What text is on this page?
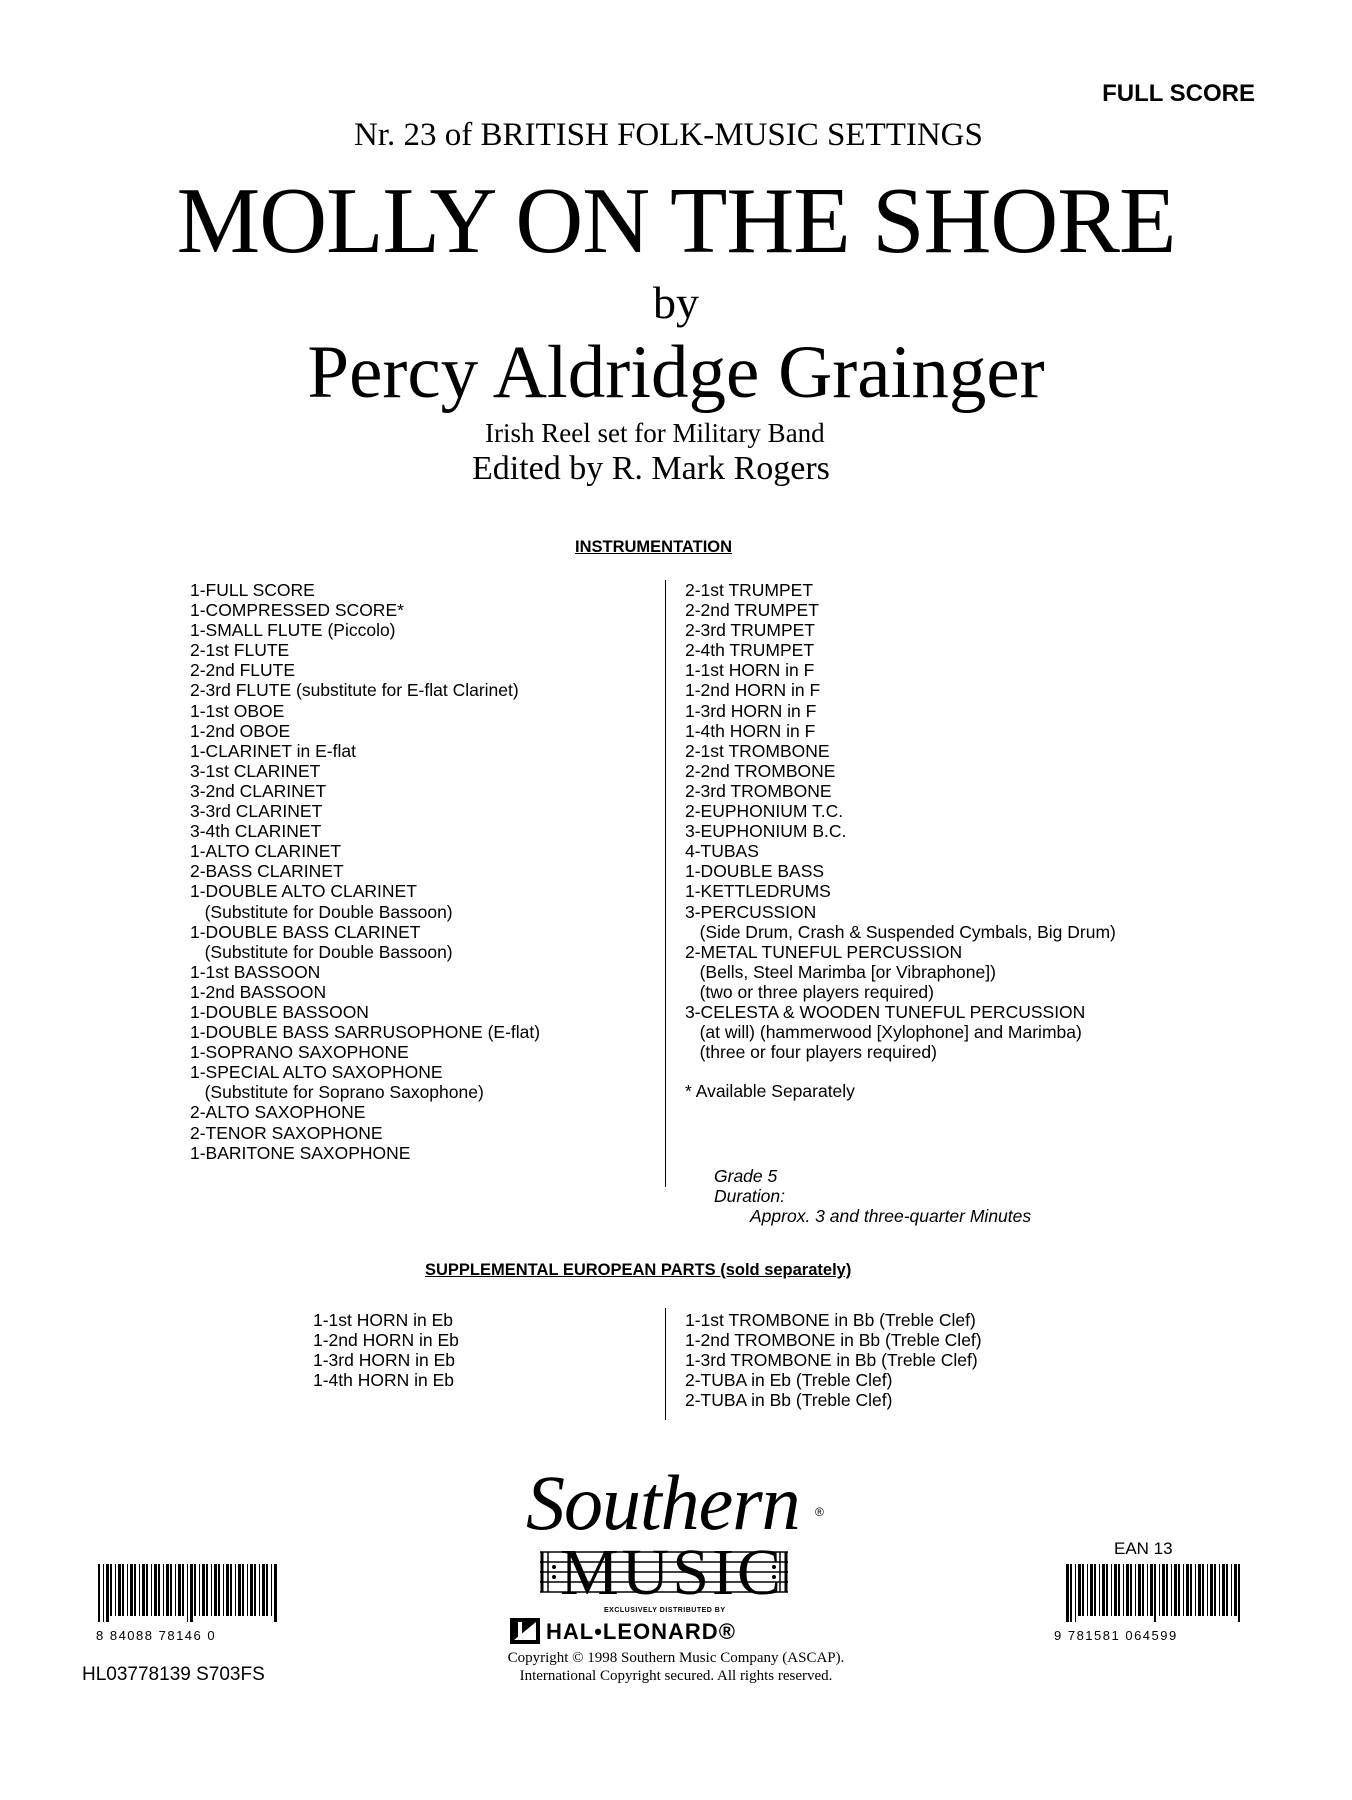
FULL SCORE
Nr. 23 of BRITISH FOLK-MUSIC SETTINGS
MOLLY ON THE SHORE
by
Percy Aldridge Grainger
Irish Reel set for Military Band
Edited by R. Mark Rogers
INSTRUMENTATION
1-FULL SCORE
1-COMPRESSED SCORE*
1-SMALL FLUTE (Piccolo)
2-1st FLUTE
2-2nd FLUTE
2-3rd FLUTE (substitute for E-flat Clarinet)
1-1st OBOE
1-2nd OBOE
1-CLARINET in E-flat
3-1st CLARINET
3-2nd CLARINET
3-3rd CLARINET
3-4th CLARINET
1-ALTO CLARINET
2-BASS CLARINET
1-DOUBLE ALTO CLARINET
(Substitute for Double Bassoon)
1-DOUBLE BASS CLARINET
(Substitute for Double Bassoon)
1-1st BASSOON
1-2nd BASSOON
1-DOUBLE BASSOON
1-DOUBLE BASS SARRUSOPHONE (E-flat)
1-SOPRANO SAXOPHONE
1-SPECIAL ALTO SAXOPHONE
(Substitute for Soprano Saxophone)
2-ALTO SAXOPHONE
2-TENOR SAXOPHONE
1-BARITONE SAXOPHONE
2-1st TRUMPET
2-2nd TRUMPET
2-3rd TRUMPET
2-4th TRUMPET
1-1st HORN in F
1-2nd HORN in F
1-3rd HORN in F
1-4th HORN in F
2-1st TROMBONE
2-2nd TROMBONE
2-3rd TROMBONE
2-EUPHONIUM T.C.
3-EUPHONIUM B.C.
4-TUBAS
1-DOUBLE BASS
1-KETTLEDRUMS
3-PERCUSSION
(Side Drum, Crash & Suspended Cymbals, Big Drum)
2-METAL TUNEFUL PERCUSSION
(Bells, Steel Marimba [or Vibraphone])
(two or three players required)
3-CELESTA & WOODEN TUNEFUL PERCUSSION
(at will) (hammerwood [Xylophone] and Marimba)
(three or four players required)
* Available Separately
Grade 5
Duration:
Approx. 3 and three-quarter Minutes
SUPPLEMENTAL EUROPEAN PARTS (sold separately)
1-1st HORN in Eb
1-2nd HORN in Eb
1-3rd HORN in Eb
1-4th HORN in Eb
1-1st TROMBONE in Bb (Treble Clef)
1-2nd TROMBONE in Bb (Treble Clef)
1-3rd TROMBONE in Bb (Treble Clef)
2-TUBA in Eb (Treble Clef)
2-TUBA in Bb (Treble Clef)
Southern ®
MUSIC
EXCLUSIVELY DISTRIBUTED BY
HAL•LEONARD®
Copyright © 1998 Southern Music Company (ASCAP).
International Copyright secured. All rights reserved.
EAN 13
8 84088 78146 0	9 781581 064599
HL03778139 S703FS
